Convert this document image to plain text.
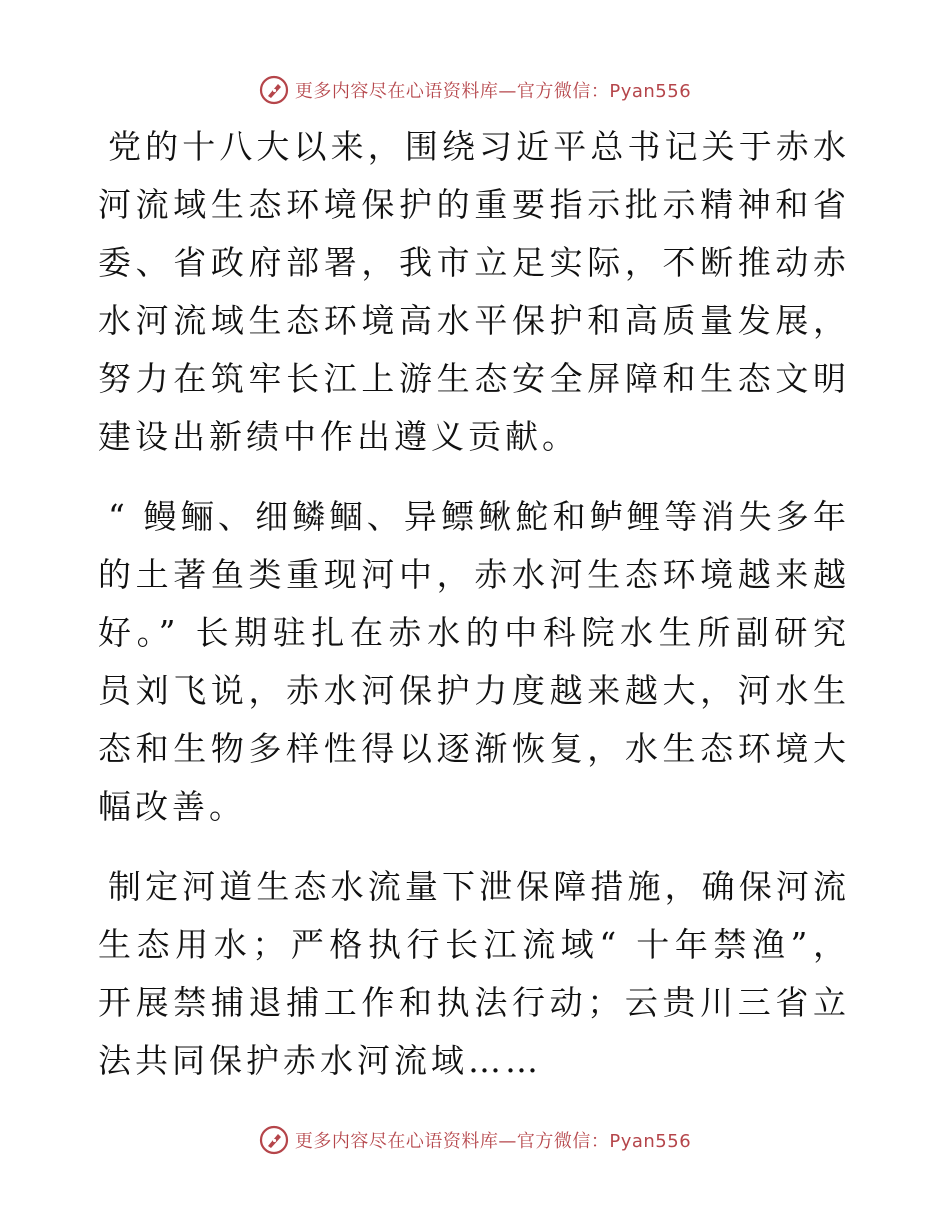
更多内容尽在心语资料库—官方微信：Pyan556

党的十八大以来，围绕习近平总书记关于赤水河流域生态环境保护的重要指示批示精神和省委、省政府部署，我市立足实际，不断推动赤水河流域生态环境高水平保护和高质量发展，努力在筑牢长江上游生态安全屏障和生态文明建设出新绩中作出遵义贡献。

“ 鳗鲡、细鳞鲴、异鳔鳅鮀和鲈鲤等消失多年的土著鱼类重现河中，赤水河生态环境越来越好。” 长期驻扎在赤水的中科院水生所副研究员刘飞说，赤水河保护力度越来越大，河水生态和生物多样性得以逐渐恢复，水生态环境大幅改善。

制定河道生态水流量下泄保障措施，确保河流生态用水；严格执行长江流域“ 十年禁渔”，开展禁捕退捕工作和执法行动；云贵川三省立法共同保护赤水河流域……

更多内容尽在心语资料库—官方微信：Pyan556
